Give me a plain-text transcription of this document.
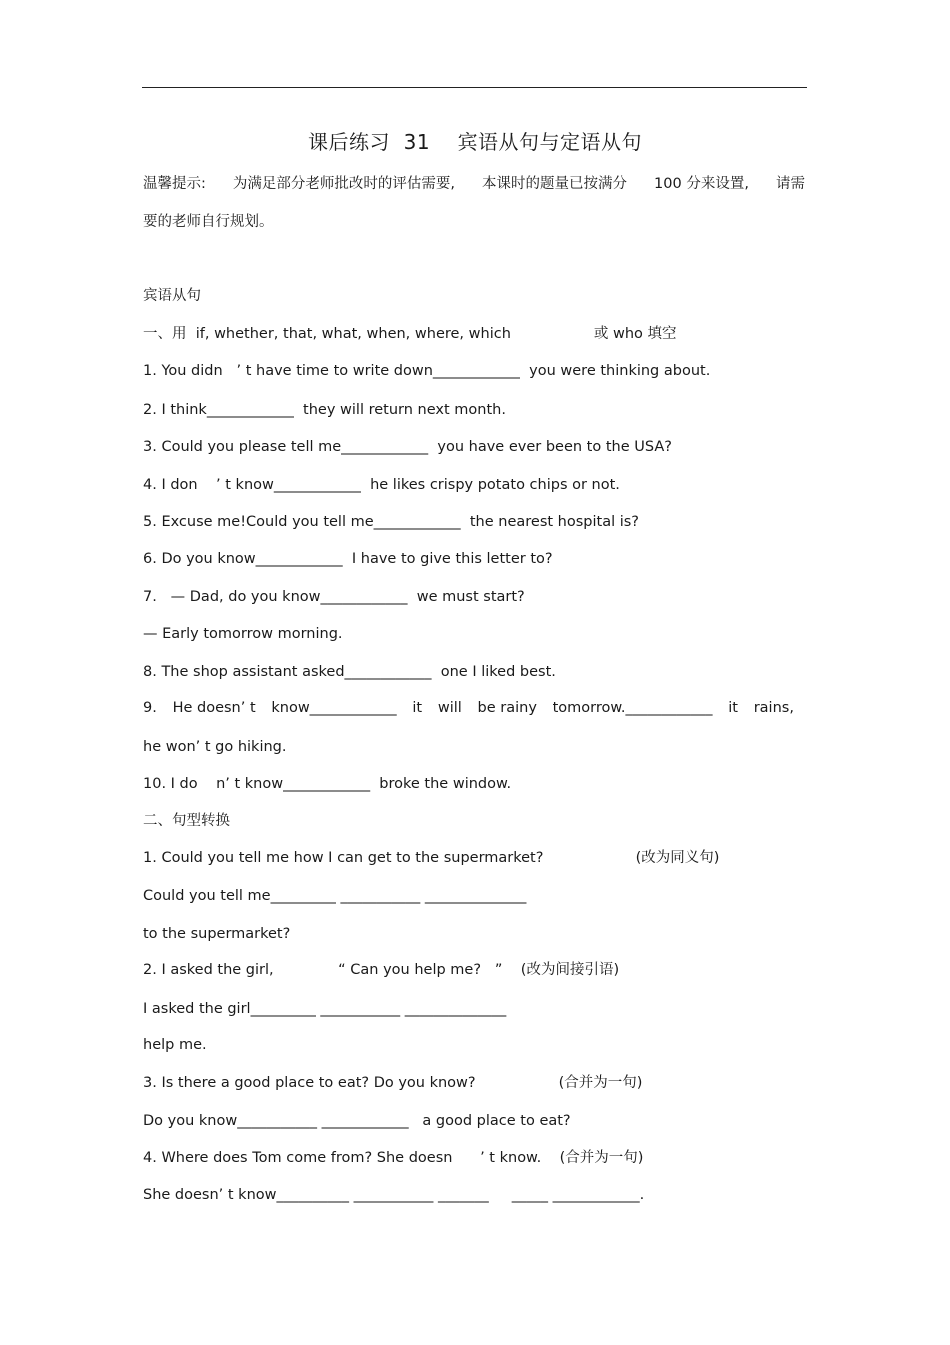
课后练习  31    宾语从句与定语从句
温馨提示: 为满足部分老师批改时的评估需要, 本课时的题量已按满分 100 分来设置, 请需
要的老师自行规划。
宾语从句
一、用  if, whether, that, what, when, where, which                  或 who 填空
1. You didn   ’ t have time to write down____________  you were thinking about.
2. I think____________  they will return next month.
3. Could you please tell me____________  you have ever been to the USA?
4. I don    ’ t know____________  he likes crispy potato chips or not.
5. Excuse me!Could you tell me____________  the nearest hospital is?
6. Do you know____________  I have to give this letter to?
7.   — Dad, do you know____________  we must start?
— Early tomorrow morning.
8. The shop assistant asked____________  one I liked best.
9. He doesn’ t know____________ it will be rainy tomorrow.____________ it rains,
he won’ t go hiking.
10. I do    n’ t know____________  broke the window.
二、句型转换
1. Could you tell me how I can get to the supermarket?                    (改为同义句)
Could you tell me_________ ___________ ______________
to the supermarket?
2. I asked the girl,              “ Can you help me?   ”    (改为间接引语)
I asked the girl_________ ___________ ______________
help me.
3. Is there a good place to eat? Do you know?                  (合并为一句)
Do you know___________ ____________   a good place to eat?
4. Where does Tom come from? She doesn      ’ t know.    (合并为一句)
She doesn’ t know__________ ___________ _______     _____ ____________.
